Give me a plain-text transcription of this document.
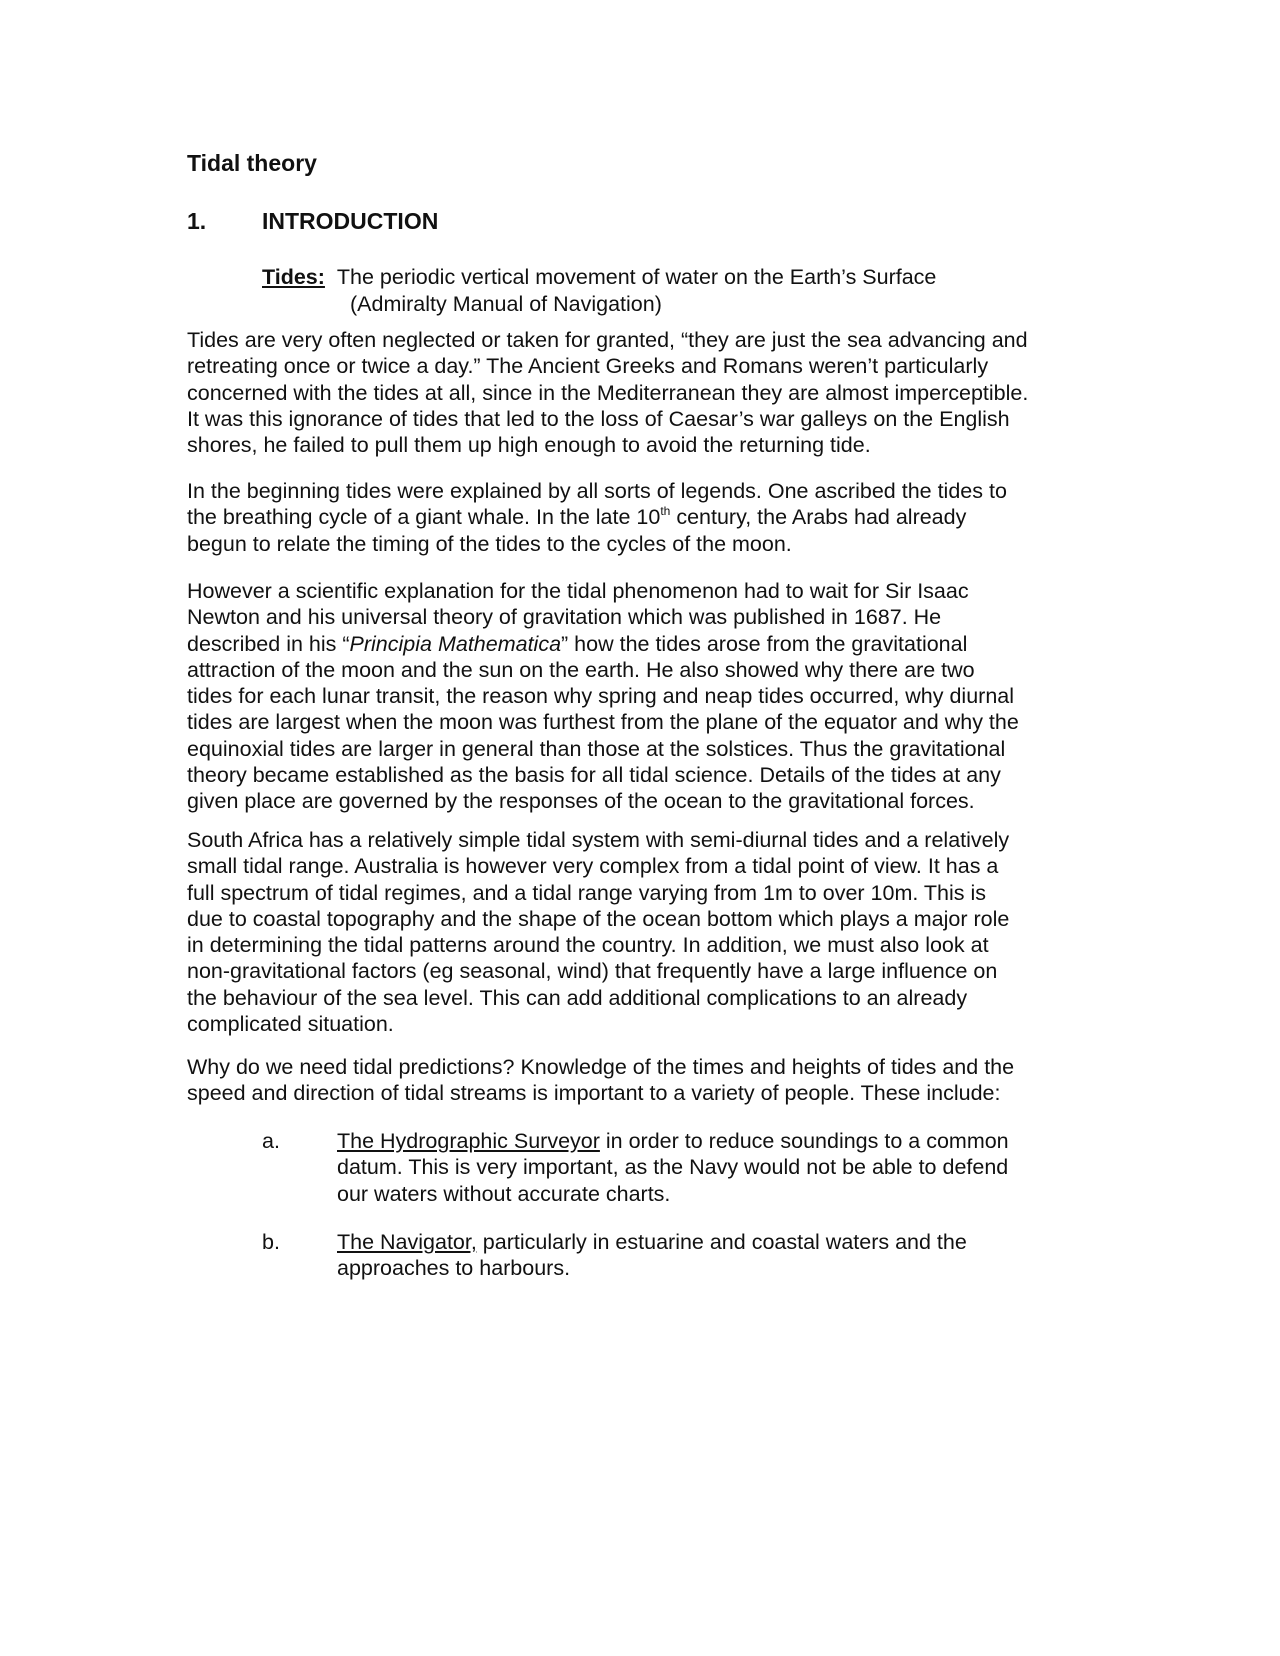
Tidal theory
1. INTRODUCTION
Tides: The periodic vertical movement of water on the Earth’s Surface
(Admiralty Manual of Navigation)

Tides are very often neglected or taken for granted, “they are just the sea advancing and
retreating once or twice a day.” The Ancient Greeks and Romans weren’t particularly
concerned with the tides at all, since in the Mediterranean they are almost imperceptible.
It was this ignorance of tides that led to the loss of Caesar’s war galleys on the English
shores, he failed to pull them up high enough to avoid the returning tide.

In the beginning tides were explained by all sorts of legends. One ascribed the tides to
the breathing cycle of a giant whale. In the late 10th century, the Arabs had already
begun to relate the timing of the tides to the cycles of the moon.

However a scientific explanation for the tidal phenomenon had to wait for Sir Isaac
Newton and his universal theory of gravitation which was published in 1687. He
described in his “Principia Mathematica” how the tides arose from the gravitational
attraction of the moon and the sun on the earth. He also showed why there are two
tides for each lunar transit, the reason why spring and neap tides occurred, why diurnal
tides are largest when the moon was furthest from the plane of the equator and why the
equinoxial tides are larger in general than those at the solstices. Thus the gravitational
theory became established as the basis for all tidal science. Details of the tides at any
given place are governed by the responses of the ocean to the gravitational forces.

South Africa has a relatively simple tidal system with semi-diurnal tides and a relatively
small tidal range. Australia is however very complex from a tidal point of view. It has a
full spectrum of tidal regimes, and a tidal range varying from 1m to over 10m. This is
due to coastal topography and the shape of the ocean bottom which plays a major role
in determining the tidal patterns around the country. In addition, we must also look at
non-gravitational factors (eg seasonal, wind) that frequently have a large influence on
the behaviour of the sea level. This can add additional complications to an already
complicated situation.

Why do we need tidal predictions? Knowledge of the times and heights of tides and the
speed and direction of tidal streams is important to a variety of people. These include:

a.	The Hydrographic Surveyor in order to reduce soundings to a common
datum. This is very important, as the Navy would not be able to defend
our waters without accurate charts.
b.	The Navigator, particularly in estuarine and coastal waters and the
approaches to harbours.
